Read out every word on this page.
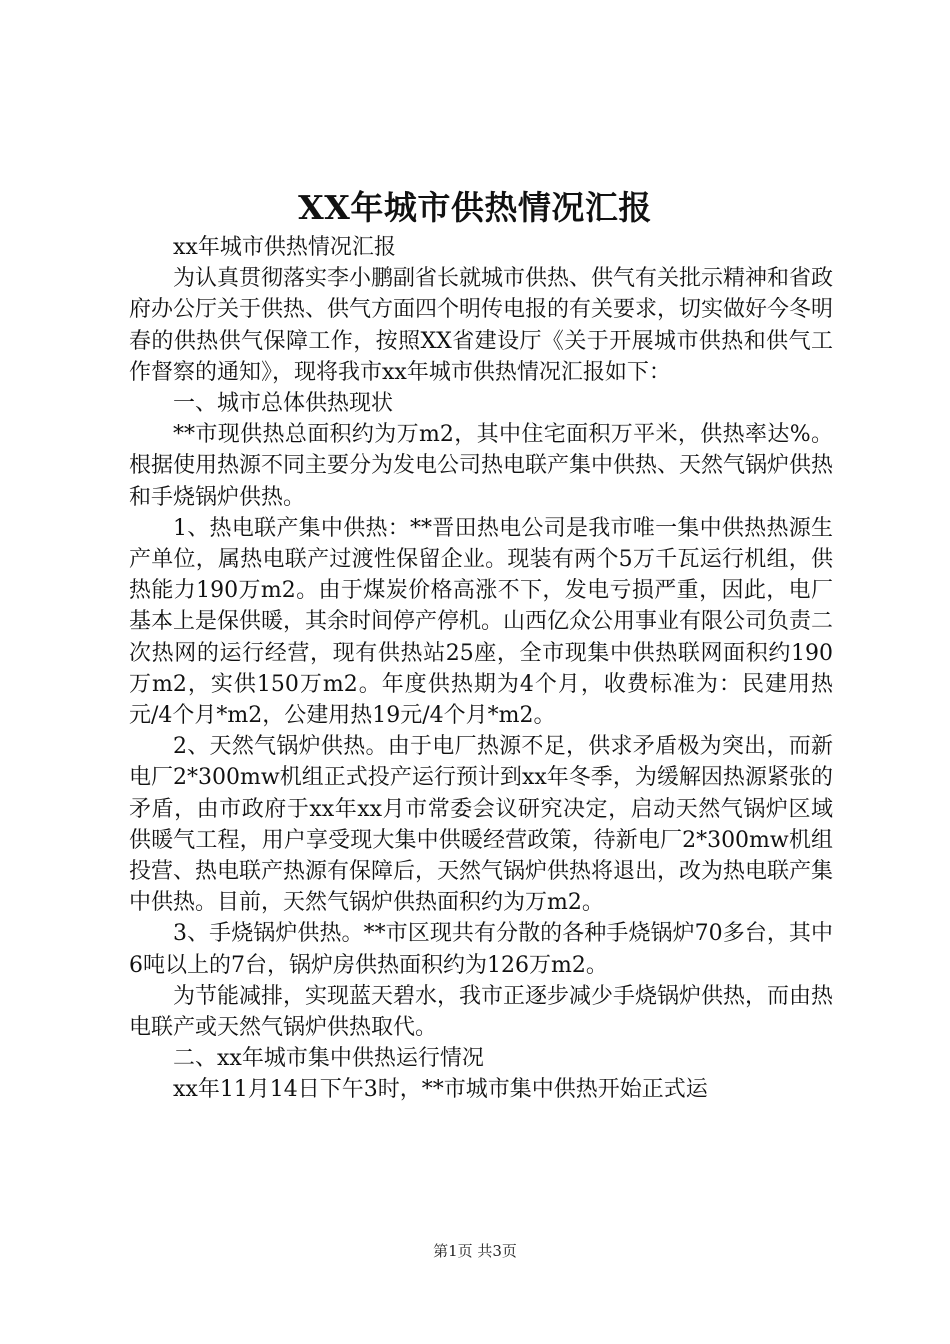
XX年城市供热情况汇报

xx年城市供热情况汇报

为认真贯彻落实李小鹏副省长就城市供热、供气有关批示精神和省政府办公厅关于供热、供气方面四个明传电报的有关要求，切实做好今冬明春的供热供气保障工作，按照XX省建设厅《关于开展城市供热和供气工作督察的通知》，现将我市xx年城市供热情况汇报如下：

一、城市总体供热现状

**市现供热总面积约为万m2，其中住宅面积万平米，供热率达%。根据使用热源不同主要分为发电公司热电联产集中供热、天然气锅炉供热和手烧锅炉供热。

1、热电联产集中供热：**晋田热电公司是我市唯一集中供热热源生产单位，属热电联产过渡性保留企业。现装有两个5万千瓦运行机组，供热能力190万m2。由于煤炭价格高涨不下，发电亏损严重，因此，电厂基本上是保供暖，其余时间停产停机。山西亿众公用事业有限公司负责二次热网的运行经营，现有供热站25座，全市现集中供热联网面积约190万m2，实供150万m2。年度供热期为4个月，收费标准为：民建用热元/4个月*m2，公建用热19元/4个月*m2。

2、天然气锅炉供热。由于电厂热源不足，供求矛盾极为突出，而新电厂2*300mw机组正式投产运行预计到xx年冬季，为缓解因热源紧张的矛盾，由市政府于xx年xx月市常委会议研究决定，启动天然气锅炉区域供暖气工程，用户享受现大集中供暖经营政策，待新电厂2*300mw机组投营、热电联产热源有保障后，天然气锅炉供热将退出，改为热电联产集中供热。目前，天然气锅炉供热面积约为万m2。

3、手烧锅炉供热。**市区现共有分散的各种手烧锅炉70多台，其中6吨以上的7台，锅炉房供热面积约为126万m2。

为节能减排，实现蓝天碧水，我市正逐步减少手烧锅炉供热，而由热电联产或天然气锅炉供热取代。

二、xx年城市集中供热运行情况

xx年11月14日下午3时，**市城市集中供热开始正式运

第1页 共3页
